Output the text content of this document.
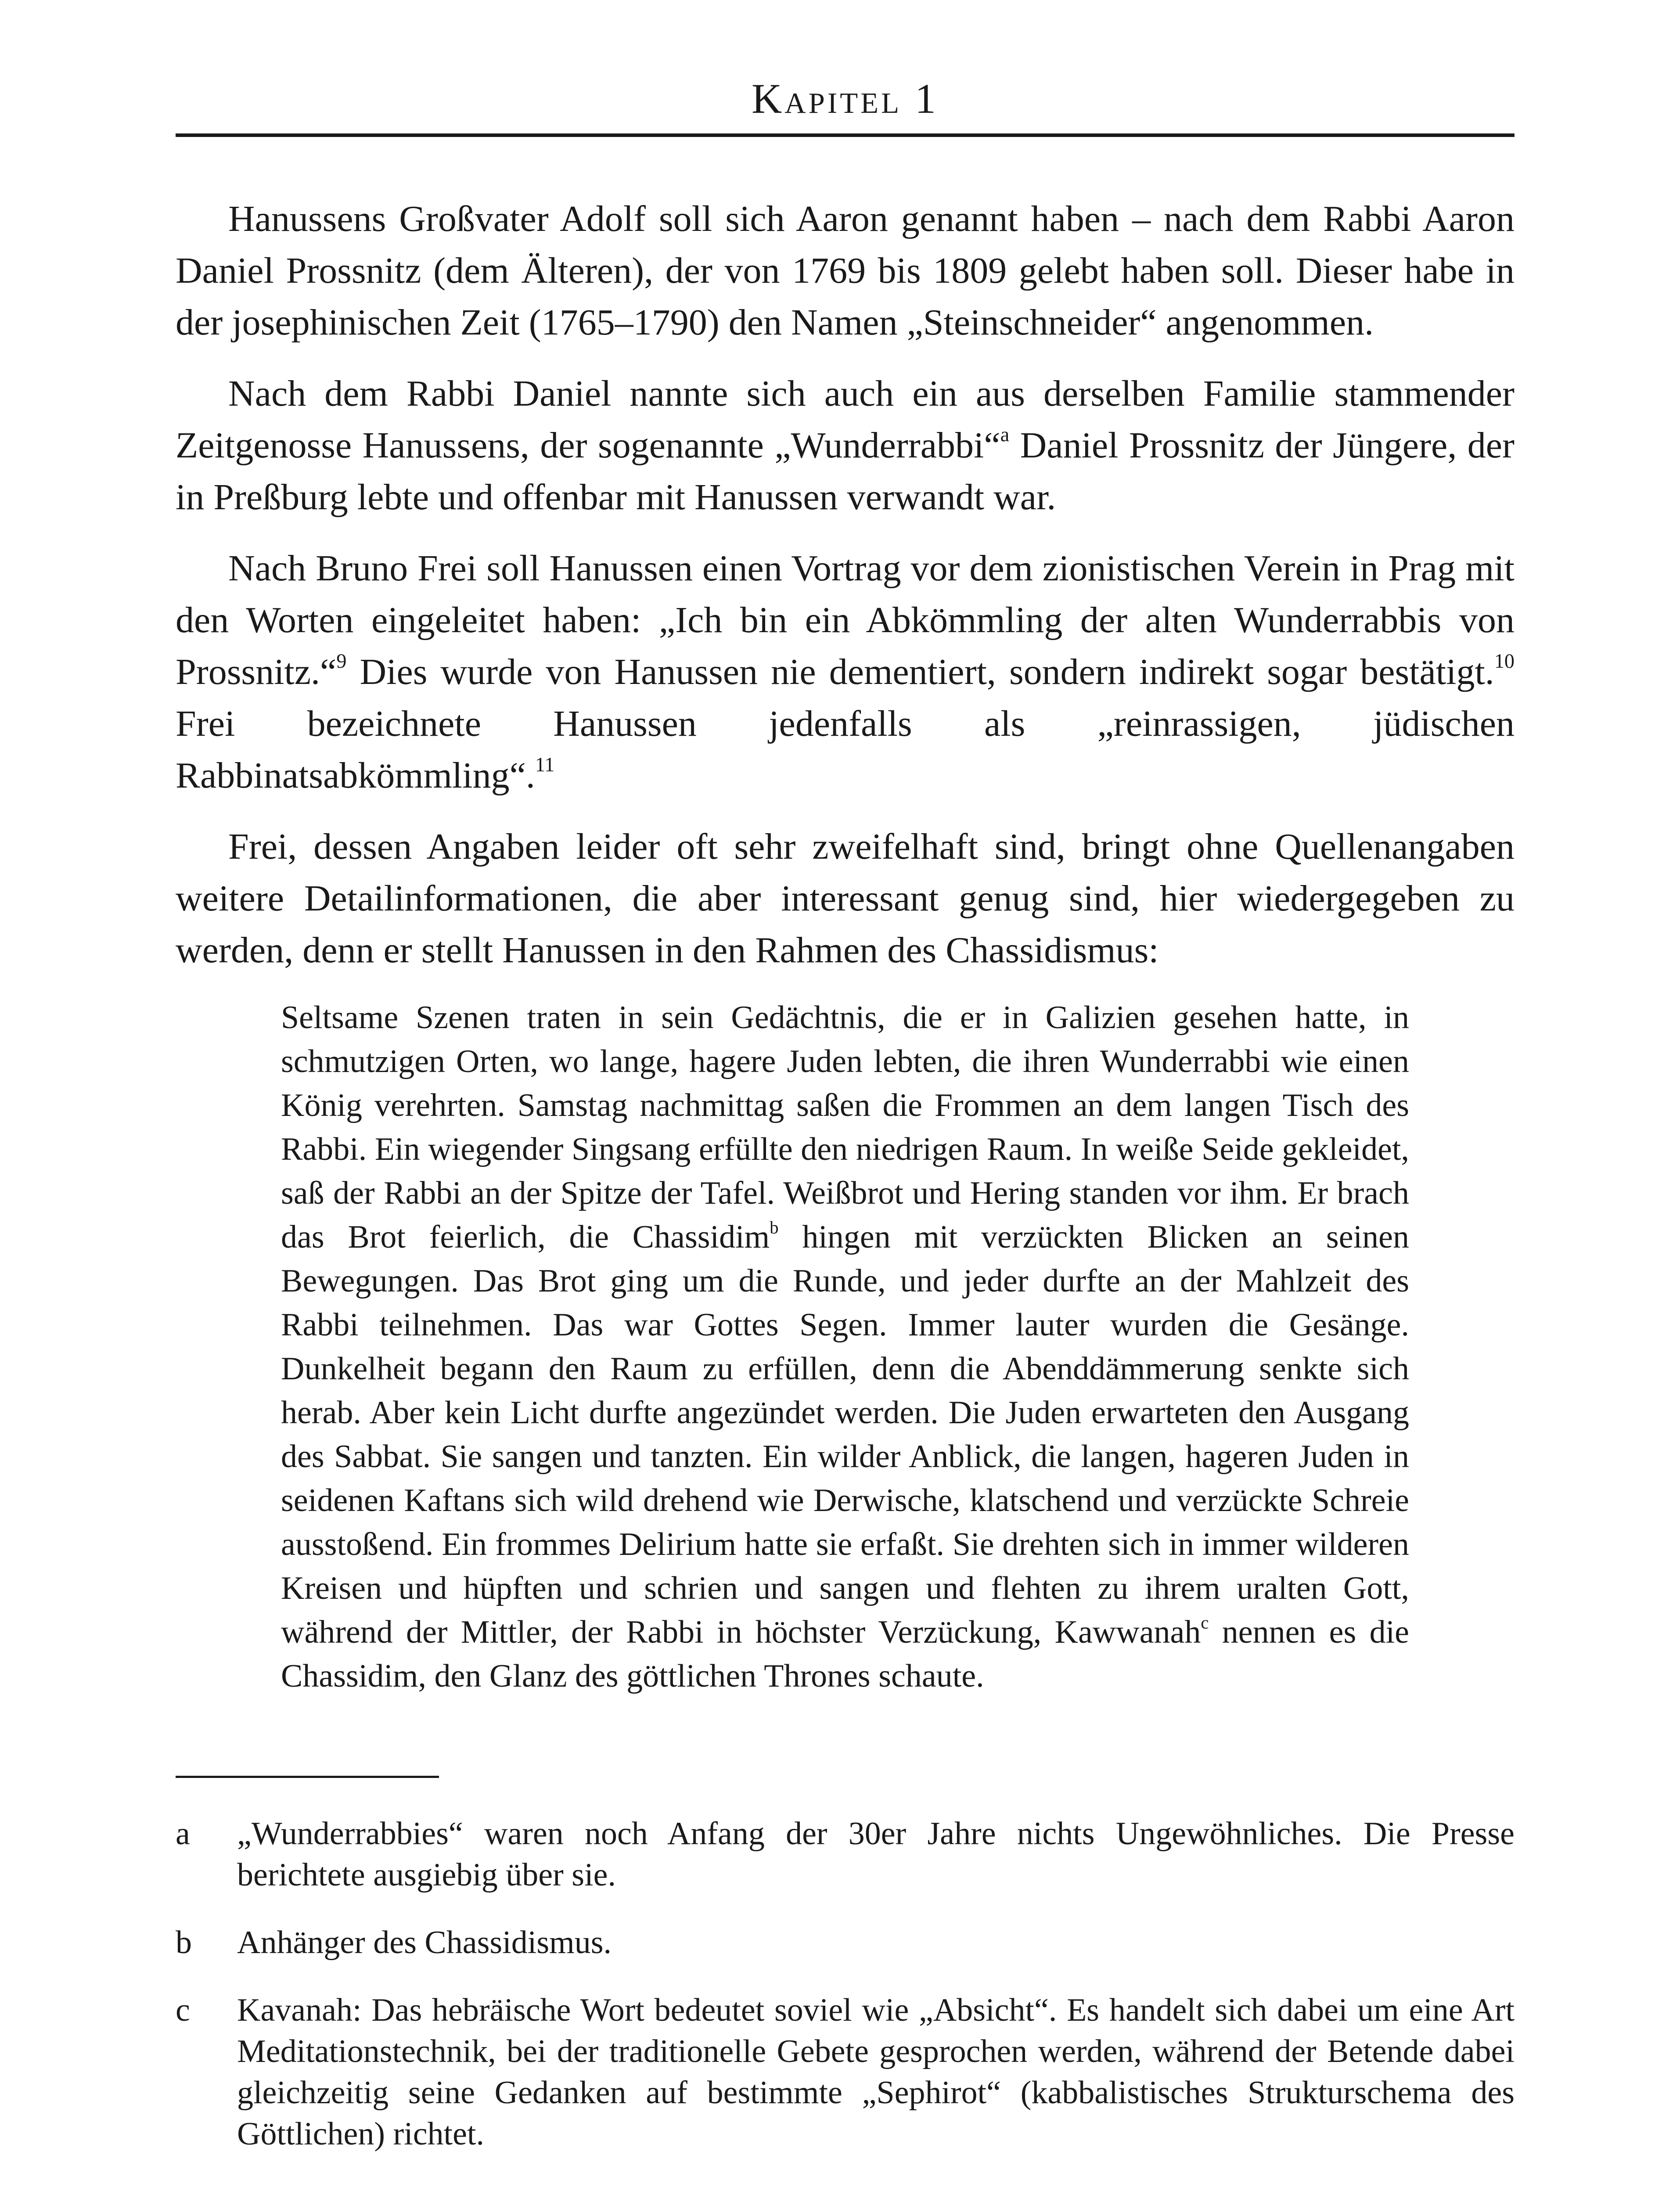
Kapitel 1

Hanussens Großvater Adolf soll sich Aaron genannt haben – nach dem Rabbi Aaron Daniel Prossnitz (dem Älteren), der von 1769 bis 1809 gelebt haben soll. Dieser habe in der josephinischen Zeit (1765–1790) den Namen „Steinschneider“ angenommen.

Nach dem Rabbi Daniel nannte sich auch ein aus derselben Familie stammender Zeitgenosse Hanussens, der sogenannte „Wunderrabbi“$^a$ Daniel Prossnitz der Jüngere, der in Preßburg lebte und offenbar mit Hanussen verwandt war.

Nach Bruno Frei soll Hanussen einen Vortrag vor dem zionistischen Verein in Prag mit den Worten eingeleitet haben: „Ich bin ein Abkömmling der alten Wunderrabbis von Prossnitz.“$^9$ Dies wurde von Hanussen nie dementiert, sondern indirekt sogar bestätigt.$^{10}$ Frei bezeichnete Hanussen jedenfalls als „reinrassigen, jüdischen Rabbinatsabkömmling“.$^{11}$

Frei, dessen Angaben leider oft sehr zweifelhaft sind, bringt ohne Quellenangaben weitere Detailinformationen, die aber interessant genug sind, hier wiedergegeben zu werden, denn er stellt Hanussen in den Rahmen des Chassidismus:

Seltsame Szenen traten in sein Gedächtnis, die er in Galizien gesehen hatte, in schmutzigen Orten, wo lange, hagere Juden lebten, die ihren Wunderrabbi wie einen König verehrten. Samstag nachmittag saßen die Frommen an dem langen Tisch des Rabbi. Ein wiegender Singsang erfüllte den niedrigen Raum. In weiße Seide gekleidet, saß der Rabbi an der Spitze der Tafel. Weißbrot und Hering standen vor ihm. Er brach das Brot feierlich, die Chassidim$^b$ hingen mit verzückten Blicken an seinen Bewegungen. Das Brot ging um die Runde, und jeder durfte an der Mahlzeit des Rabbi teilnehmen. Das war Gottes Segen. Immer lauter wurden die Gesänge. Dunkelheit begann den Raum zu erfüllen, denn die Abenddämmerung senkte sich herab. Aber kein Licht durfte angezündet werden. Die Juden erwarteten den Ausgang des Sabbat. Sie sangen und tanzten. Ein wilder Anblick, die langen, hageren Juden in seidenen Kaftans sich wild drehend wie Derwische, klatschend und verzückte Schreie ausstoßend. Ein frommes Delirium hatte sie erfaßt. Sie drehten sich in immer wilderen Kreisen und hüpften und schrien und sangen und flehten zu ihrem uralten Gott, während der Mittler, der Rabbi in höchster Verzückung, Kawwanah$^c$ nennen es die Chassidim, den Glanz des göttlichen Thrones schaute.
a	„Wunderrabbies“ waren noch Anfang der 30er Jahre nichts Ungewöhnliches. Die Presse berichtete ausgiebig über sie.
b	Anhänger des Chassidismus.
c	Kavanah: Das hebräische Wort bedeutet soviel wie „Absicht“. Es handelt sich dabei um eine Art Meditationstechnik, bei der traditionelle Gebete gesprochen werden, während der Betende dabei gleichzeitig seine Gedanken auf bestimmte „Sephirot“ (kabbalistisches Strukturschema des Göttlichen) richtet.
